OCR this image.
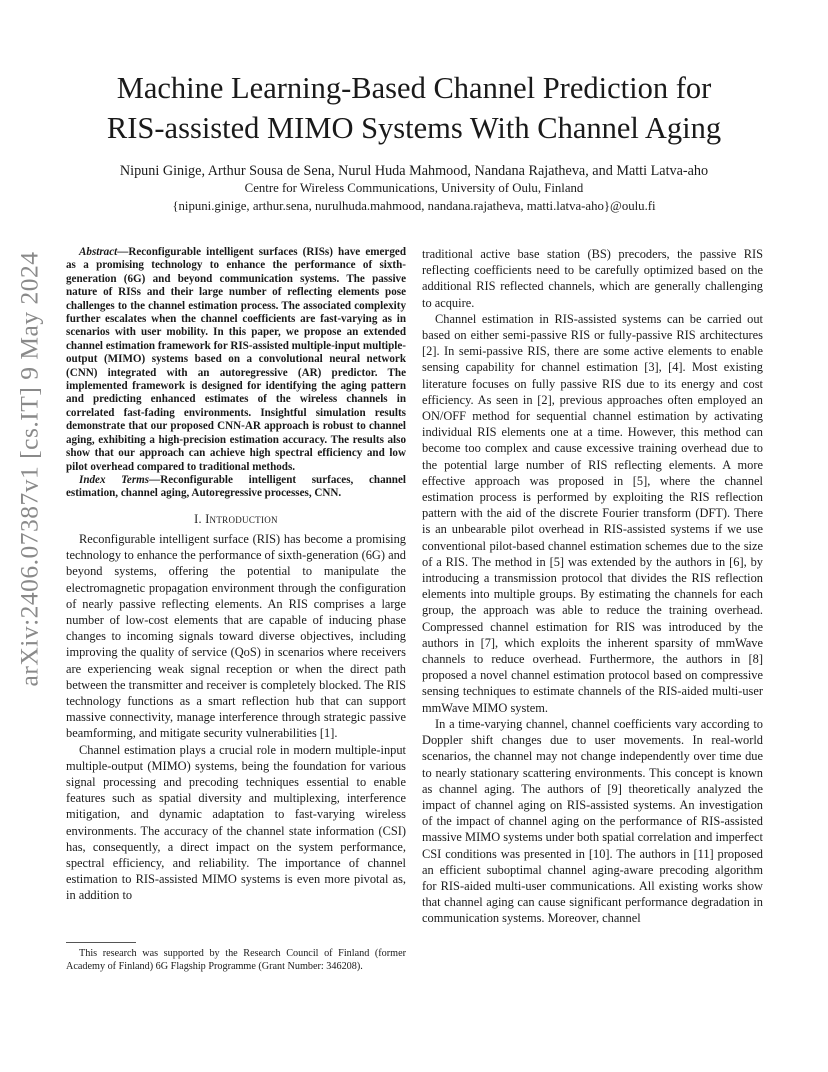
arXiv:2406.07387v1 [cs.IT] 9 May 2024
Machine Learning-Based Channel Prediction for
RIS-assisted MIMO Systems With Channel Aging
Nipuni Ginige, Arthur Sousa de Sena, Nurul Huda Mahmood, Nandana Rajatheva, and Matti Latva-aho
Centre for Wireless Communications, University of Oulu, Finland
{nipuni.ginige, arthur.sena, nurulhuda.mahmood, nandana.rajatheva, matti.latva-aho}@oulu.fi

Abstract—Reconfigurable intelligent surfaces (RISs) have emerged as a promising technology to enhance the performance of sixth-generation (6G) and beyond communication systems. The passive nature of RISs and their large number of reflecting elements pose challenges to the channel estimation process. The associated complexity further escalates when the channel coefficients are fast-varying as in scenarios with user mobility. In this paper, we propose an extended channel estimation framework for RIS-assisted multiple-input multiple-output (MIMO) systems based on a convolutional neural network (CNN) integrated with an autoregressive (AR) predictor. The implemented framework is designed for identifying the aging pattern and predicting enhanced estimates of the wireless channels in correlated fast-fading environments. Insightful simulation results demonstrate that our proposed CNN-AR approach is robust to channel aging, exhibiting a high-precision estimation accuracy. The results also show that our approach can achieve high spectral efficiency and low pilot overhead compared to traditional methods.

Index Terms—Reconfigurable intelligent surfaces, channel estimation, channel aging, Autoregressive processes, CNN.

I. Introduction

Reconfigurable intelligent surface (RIS) has become a promising technology to enhance the performance of sixth-generation (6G) and beyond systems, offering the potential to manipulate the electromagnetic propagation environment through the configuration of nearly passive reflecting elements. An RIS comprises a large number of low-cost elements that are capable of inducing phase changes to incoming signals toward diverse objectives, including improving the quality of service (QoS) in scenarios where receivers are experiencing weak signal reception or when the direct path between the transmitter and receiver is completely blocked. The RIS technology functions as a smart reflection hub that can support massive connectivity, manage interference through strategic passive beamforming, and mitigate security vulnerabilities [1].

Channel estimation plays a crucial role in modern multiple-input multiple-output (MIMO) systems, being the foundation for various signal processing and precoding techniques essential to enable features such as spatial diversity and multiplexing, interference mitigation, and dynamic adaptation to fast-varying wireless environments. The accuracy of the channel state information (CSI) has, consequently, a direct impact on the system performance, spectral efficiency, and reliability. The importance of channel estimation to RIS-assisted MIMO systems is even more pivotal as, in addition to

This research was supported by the Research Council of Finland (former Academy of Finland) 6G Flagship Programme (Grant Number: 346208).

traditional active base station (BS) precoders, the passive RIS reflecting coefficients need to be carefully optimized based on the additional RIS reflected channels, which are generally challenging to acquire.

Channel estimation in RIS-assisted systems can be carried out based on either semi-passive RIS or fully-passive RIS architectures [2]. In semi-passive RIS, there are some active elements to enable sensing capability for channel estimation [3], [4]. Most existing literature focuses on fully passive RIS due to its energy and cost efficiency. As seen in [2], previous approaches often employed an ON/OFF method for sequential channel estimation by activating individual RIS elements one at a time. However, this method can become too complex and cause excessive training overhead due to the potential large number of RIS reflecting elements. A more effective approach was proposed in [5], where the channel estimation process is performed by exploiting the RIS reflection pattern with the aid of the discrete Fourier transform (DFT). There is an unbearable pilot overhead in RIS-assisted systems if we use conventional pilot-based channel estimation schemes due to the size of a RIS. The method in [5] was extended by the authors in [6], by introducing a transmission protocol that divides the RIS reflection elements into multiple groups. By estimating the channels for each group, the approach was able to reduce the training overhead. Compressed channel estimation for RIS was introduced by the authors in [7], which exploits the inherent sparsity of mmWave channels to reduce overhead. Furthermore, the authors in [8] proposed a novel channel estimation protocol based on compressive sensing techniques to estimate channels of the RIS-aided multi-user mmWave MIMO system.

In a time-varying channel, channel coefficients vary according to Doppler shift changes due to user movements. In real-world scenarios, the channel may not change independently over time due to nearly stationary scattering environments. This concept is known as channel aging. The authors of [9] theoretically analyzed the impact of channel aging on RIS-assisted systems. An investigation of the impact of channel aging on the performance of RIS-assisted massive MIMO systems under both spatial correlation and imperfect CSI conditions was presented in [10]. The authors in [11] proposed an efficient suboptimal channel aging-aware precoding algorithm for RIS-aided multi-user communications. All existing works show that channel aging can cause significant performance degradation in communication systems. Moreover, channel
